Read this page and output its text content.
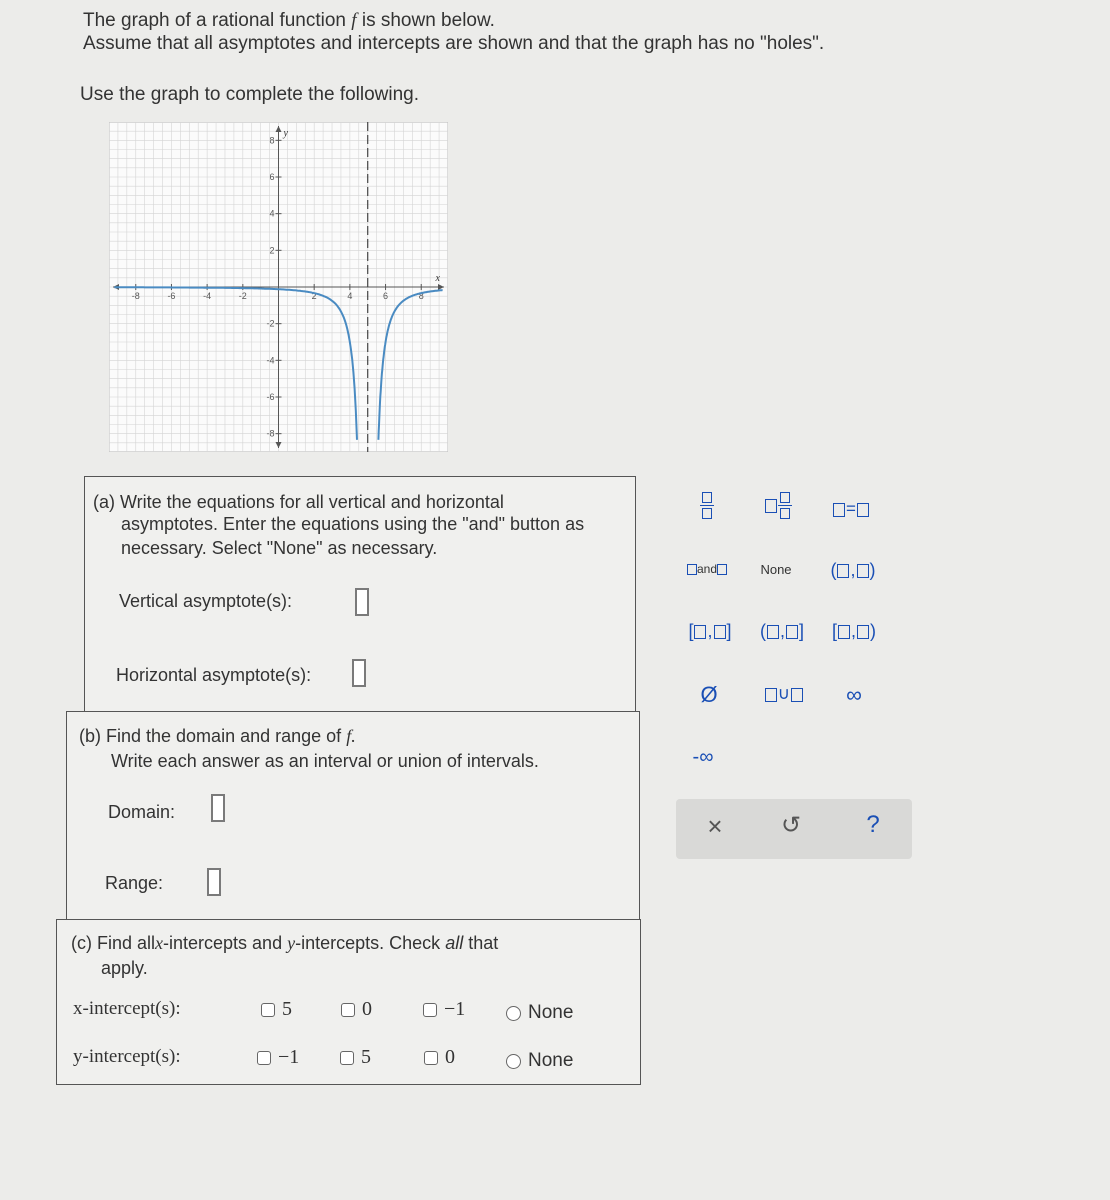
The graph of a rational function f is shown below.
Assume that all asymptotes and intercepts are shown and that the graph has no "holes".
Use the graph to complete the following.
-8	-6	-4	-2	2	4	6	8
8
6
4
2
-2
-4
-6
-8
x
y
(a) Write the equations for all vertical and horizontal
asymptotes. Enter the equations using the "and" button as
necessary. Select "None" as necessary.
Vertical asymptote(s):
Horizontal asymptote(s):
(b) Find the domain and range of f.
Write each answer as an interval or union of intervals.
Domain:
Range:
(c) Find allx-intercepts and y-intercepts. Check all that
apply.
x-intercept(s):	5	0	−1	None
y-intercept(s):	−1	5	0	None
=
and	None	( , )
[ , ]	( , ]	[ , )
Ø	∪	∞
-∞
×	↺	?
